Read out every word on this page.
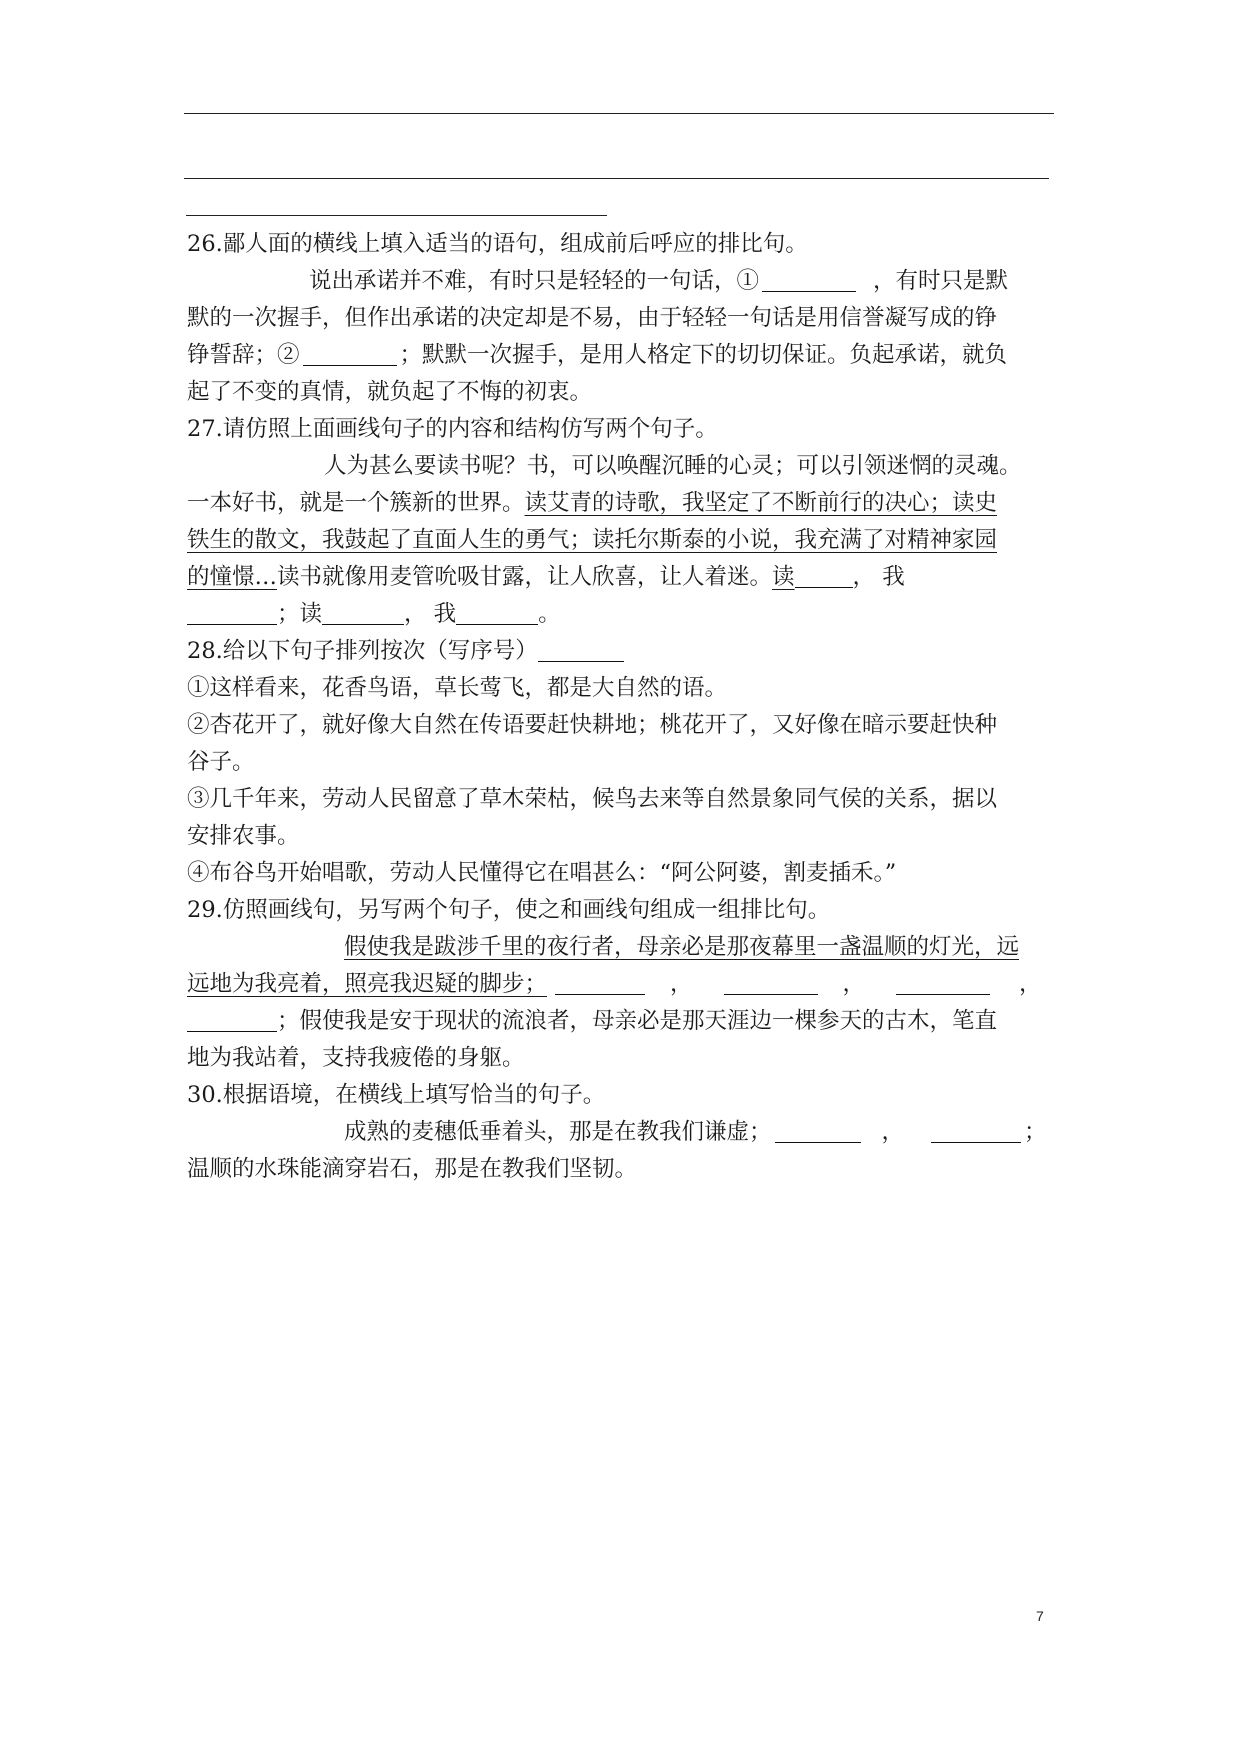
26.鄙人面的横线上填入适当的语句，组成前后呼应的排比句。
说出承诺并不难，有时只是轻轻的一句话，①	，有时只是默
默的一次握手，但作出承诺的决定却是不易，由于轻轻一句话是用信誉凝写成的铮
铮誓辞；②	；默默一次握手，是用人格定下的切切保证。负起承诺，就负
起了不变的真情，就负起了不悔的初衷。
27.请仿照上面画线句子的内容和结构仿写两个句子。
人为甚么要读书呢？书，可以唤醒沉睡的心灵；可以引领迷惘的灵魂。
一本好书，就是一个簇新的世界。读艾青的诗歌，我坚定了不断前行的决心；读史
铁生的散文，我鼓起了直面人生的勇气；读托尔斯泰的小说，我充满了对精神家园
的憧憬…读书就像用麦管吮吸甘露，让人欣喜，让人着迷。读	， 我
；读	， 我	。
28.给以下句子排列按次（写序号）
①这样看来，花香鸟语，草长莺飞，都是大自然的语。
②杏花开了，就好像大自然在传语要赶快耕地；桃花开了，又好像在暗示要赶快种
谷子。
③几千年来，劳动人民留意了草木荣枯，候鸟去来等自然景象同气侯的关系，据以
安排农事。
④布谷鸟开始唱歌，劳动人民懂得它在唱甚么：“阿公阿婆，割麦插禾。”
29.仿照画线句，另写两个句子，使之和画线句组成一组排比句。
假使我是跋涉千里的夜行者，母亲必是那夜幕里一盏温顺的灯光，远
远地为我亮着，照亮我迟疑的脚步；	，	，	，
；假使我是安于现状的流浪者，母亲必是那天涯边一棵参天的古木，笔直
地为我站着，支持我疲倦的身躯。
30.根据语境，在横线上填写恰当的句子。
成熟的麦穗低垂着头，那是在教我们谦虚；	，	；
温顺的水珠能滴穿岩石，那是在教我们坚韧。
7
